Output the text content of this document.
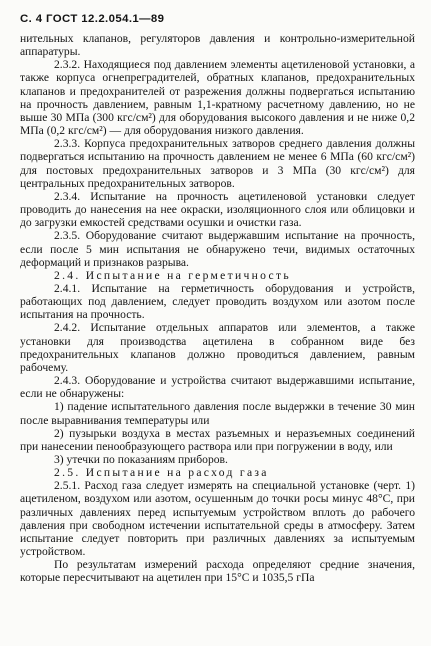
С. 4 ГОСТ 12.2.054.1—89

нительных клапанов, регуляторов давления и контрольно-измерительной аппаратуры.

2.3.2. Находящиеся под давлением элементы ацетиленовой установки, а также корпуса огнепреградителей, обратных клапанов, предохранительных клапанов и предохранителей от разрежения должны подвергаться испытанию на прочность давлением, равным 1,1-кратному расчетному давлению, но не выше 30 МПа (300 кгс/см²) для оборудования высокого давления и не ниже 0,2 МПа (0,2 кгс/см²) — для оборудования низкого давления.

2.3.3. Корпуса предохранительных затворов среднего давления должны подвергаться испытанию на прочность давлением не менее 6 МПа (60 кгс/см²) для постовых предохранительных затворов и 3 МПа (30 кгс/см²) для центральных предохранительных затворов.

2.3.4. Испытание на прочность ацетиленовой установки следует проводить до нанесения на нее окраски, изоляционного слоя или облицовки и до загрузки емкостей средствами осушки и очистки газа.

2.3.5. Оборудование считают выдержавшим испытание на прочность, если после 5 мин испытания не обнаружено течи, видимых остаточных деформаций и признаков разрыва.

2.4. Испытание на герметичность

2.4.1. Испытание на герметичность оборудования и устройств, работающих под давлением, следует проводить воздухом или азотом после испытания на прочность.

2.4.2. Испытание отдельных аппаратов или элементов, а также установки для производства ацетилена в собранном виде без предохранительных клапанов должно проводиться давлением, равным рабочему.

2.4.3. Оборудование и устройства считают выдержавшими испытание, если не обнаружены:

1) падение испытательного давления после выдержки в течение 30 мин после выравнивания температуры или

2) пузырьки воздуха в местах разъемных и неразъемных соединений при нанесении пенообразующего раствора или при погружении в воду, или

3) утечки по показаниям приборов.

2.5. Испытание на расход газа

2.5.1. Расход газа следует измерять на специальной установке (черт. 1) ацетиленом, воздухом или азотом, осушенным до точки росы минус 48°С, при различных давлениях перед испытуемым устройством вплоть до рабочего давления при свободном истечении испытательной среды в атмосферу. Затем испытание следует повторить при различных давлениях за испытуемым устройством.

По результатам измерений расхода определяют средние значения, которые пересчитывают на ацетилен при 15°С и 1035,5 гПа
